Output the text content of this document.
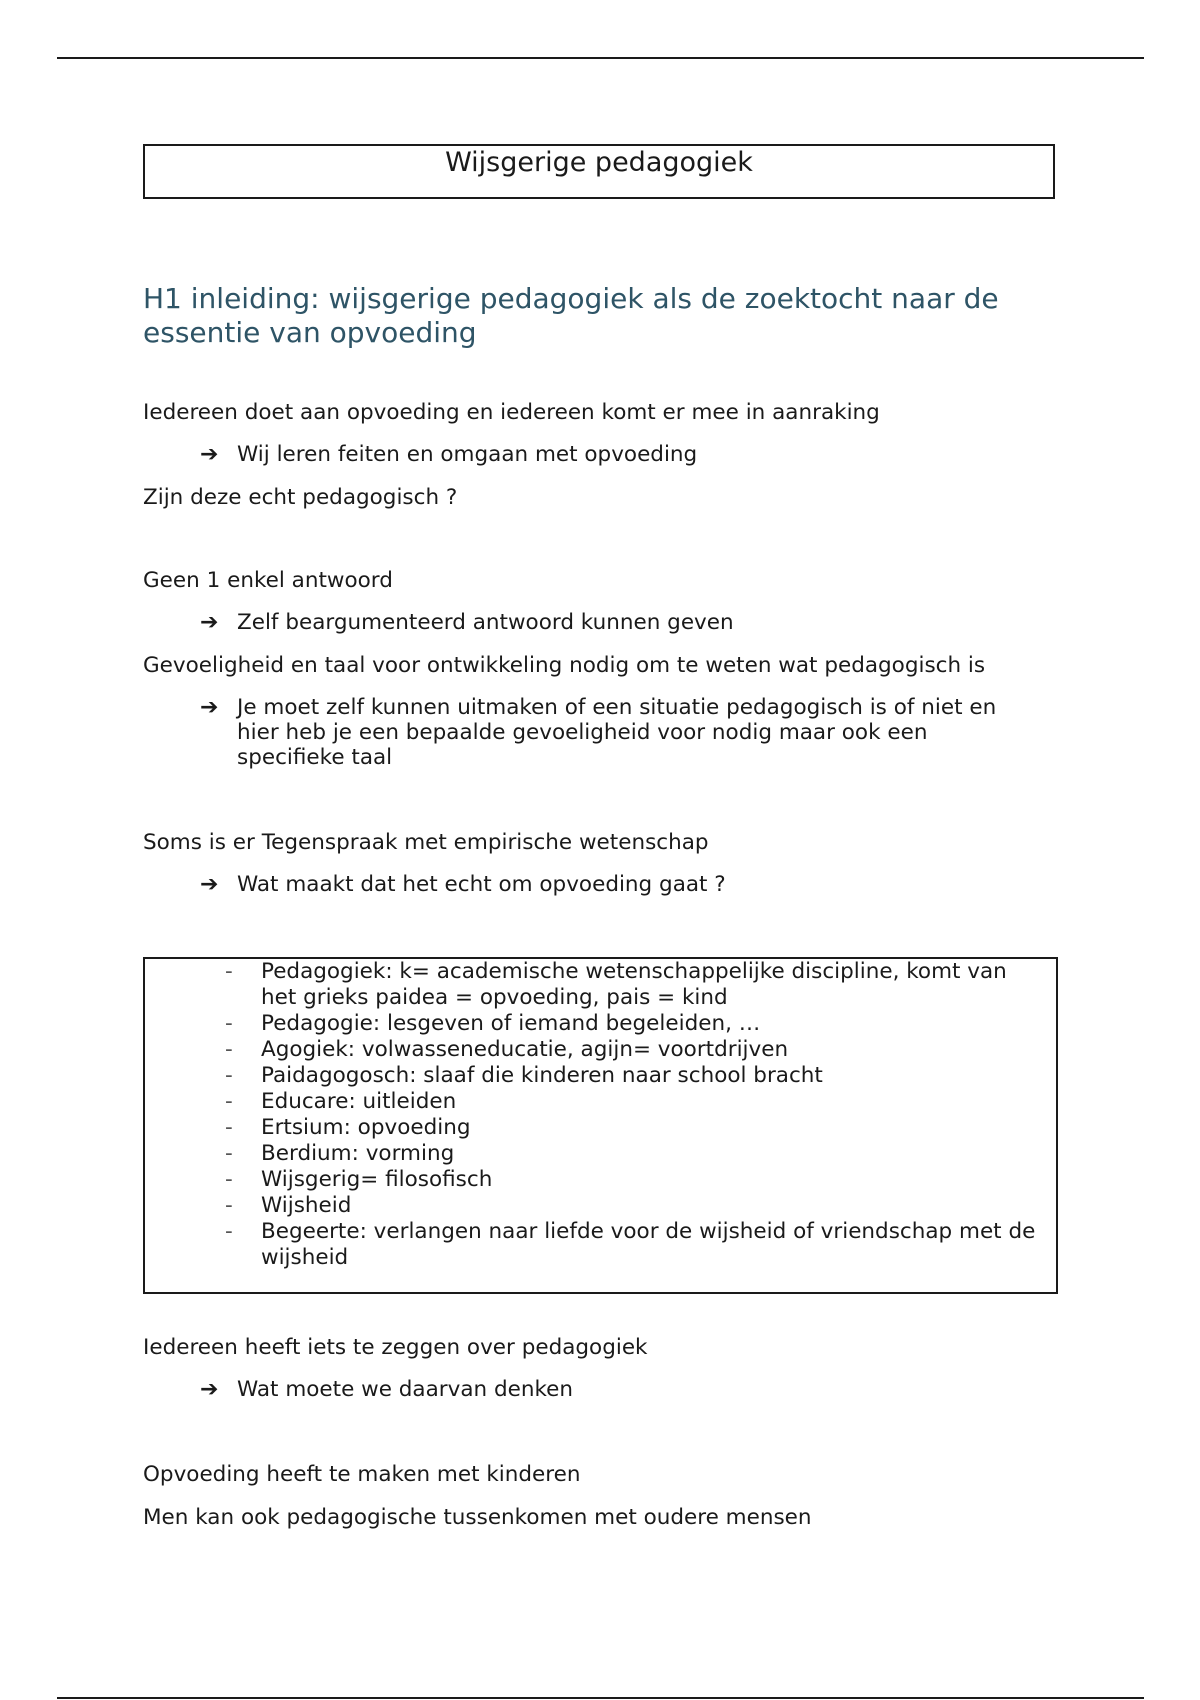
Wijsgerige pedagogiek
H1 inleiding: wijsgerige pedagogiek als de zoektocht naar de essentie van opvoeding

Iedereen doet aan opvoeding en iedereen komt er mee in aanraking

➔ Wij leren feiten en omgaan met opvoeding

Zijn deze echt pedagogisch ?

Geen 1 enkel antwoord

➔ Zelf beargumenteerd antwoord kunnen geven

Gevoeligheid en taal voor ontwikkeling nodig om te weten wat pedagogisch is

➔ Je moet zelf kunnen uitmaken of een situatie pedagogisch is of niet en hier heb je een bepaalde gevoeligheid voor nodig maar ook een specifieke taal

Soms is er Tegenspraak met empirische wetenschap

➔ Wat maakt dat het echt om opvoeding gaat ?
- Pedagogiek: k= academische wetenschappelijke discipline, komt van het grieks paidea = opvoeding, pais = kind
- Pedagogie: lesgeven of iemand begeleiden, …
- Agogiek: volwasseneducatie, agijn= voortdrijven
- Paidagogosch: slaaf die kinderen naar school bracht
- Educare: uitleiden
- Ertsium: opvoeding
- Berdium: vorming
- Wijsgerig= filosofisch
- Wijsheid
- Begeerte: verlangen naar liefde voor de wijsheid of vriendschap met de wijsheid

Iedereen heeft iets te zeggen over pedagogiek

➔ Wat moete we daarvan denken

Opvoeding heeft te maken met kinderen

Men kan ook pedagogische tussenkomen met oudere mensen
